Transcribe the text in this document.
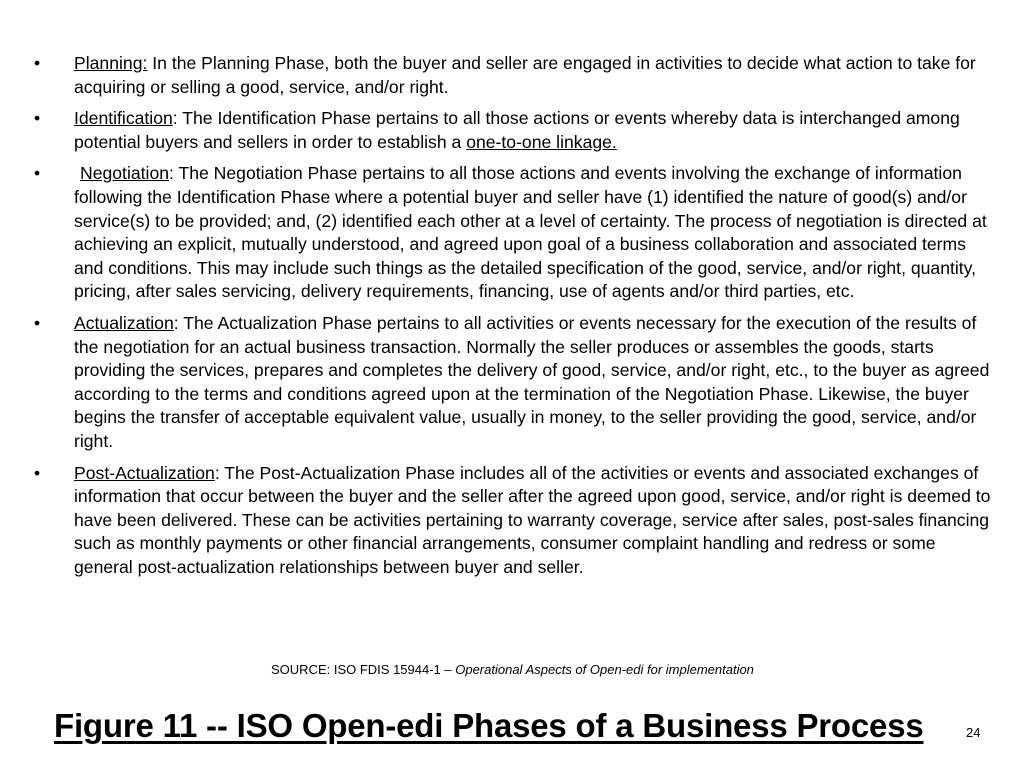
•	Planning: In the Planning Phase, both the buyer and seller are engaged in activities to decide what action to take for acquiring or selling a good, service, and/or right.
•	Identification: The Identification Phase pertains to all those actions or events whereby data is interchanged among potential buyers and sellers in order to establish a one-to-one linkage.
•	Negotiation: The Negotiation Phase pertains to all those actions and events involving the exchange of information following the Identification Phase where a potential buyer and seller have (1) identified the nature of good(s) and/or service(s) to be provided; and, (2) identified each other at a level of certainty. The process of negotiation is directed at achieving an explicit, mutually understood, and agreed upon goal of a business collaboration and associated terms and conditions. This may include such things as the detailed specification of the good, service, and/or right, quantity, pricing, after sales servicing, delivery requirements, financing, use of agents and/or third parties, etc.
•	Actualization: The Actualization Phase pertains to all activities or events necessary for the execution of the results of the negotiation for an actual business transaction. Normally the seller produces or assembles the goods, starts providing the services, prepares and completes the delivery of good, service, and/or right, etc., to the buyer as agreed according to the terms and conditions agreed upon at the termination of the Negotiation Phase. Likewise, the buyer begins the transfer of acceptable equivalent value, usually in money, to the seller providing the good, service, and/or right.
•	Post-Actualization: The Post-Actualization Phase includes all of the activities or events and associated exchanges of information that occur between the buyer and the seller after the agreed upon good, service, and/or right is deemed to have been delivered. These can be activities pertaining to warranty coverage, service after sales, post-sales financing such as monthly payments or other financial arrangements, consumer complaint handling and redress or some general post-actualization relationships between buyer and seller.
SOURCE: ISO FDIS 15944-1 – Operational Aspects of Open-edi for implementation
Figure 11 -- ISO Open-edi Phases of a Business Process	24
